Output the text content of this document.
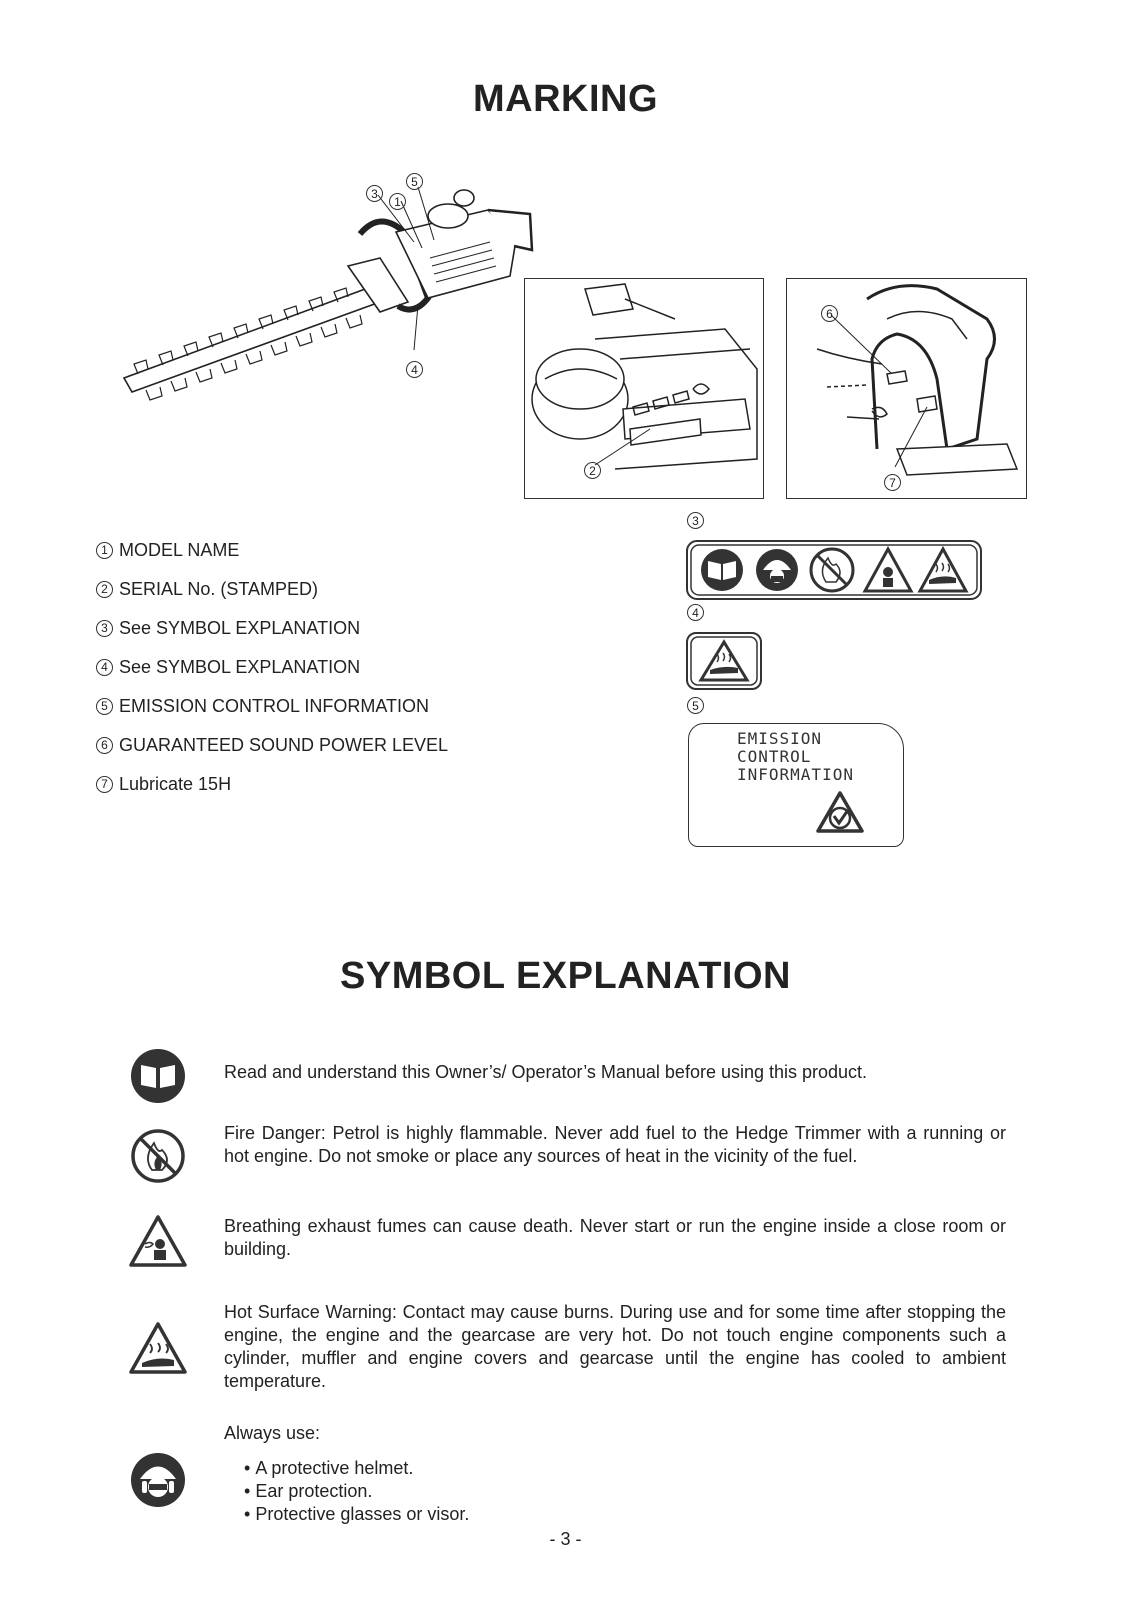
MARKING
3
1
5
4
2
6
7
1 MODEL NAME
2 SERIAL No. (STAMPED)
3 See SYMBOL EXPLANATION
4 See SYMBOL EXPLANATION
5 EMISSION CONTROL INFORMATION
6 GUARANTEED SOUND POWER LEVEL
7 Lubricate 15H
3
4
5
EMISSION
CONTROL
INFORMATION
SYMBOL EXPLANATION
Read and understand this Owner’s/ Operator’s Manual before using this product.
Fire Danger: Petrol is highly flammable. Never add fuel to the Hedge Trimmer with a running or hot engine. Do not smoke or place any sources of heat in the vicinity of the fuel.
Breathing exhaust fumes can cause death. Never start or run the engine inside a close room or building.
Hot Surface Warning: Contact may cause burns. During use and for some time after stopping the engine, the engine and the gearcase are very hot. Do not touch engine components such a cylinder, muffler and engine covers and gearcase until the engine has cooled to ambient temperature.
Always use:
• A protective helmet.
• Ear protection.
• Protective glasses or visor.
- 3 -
